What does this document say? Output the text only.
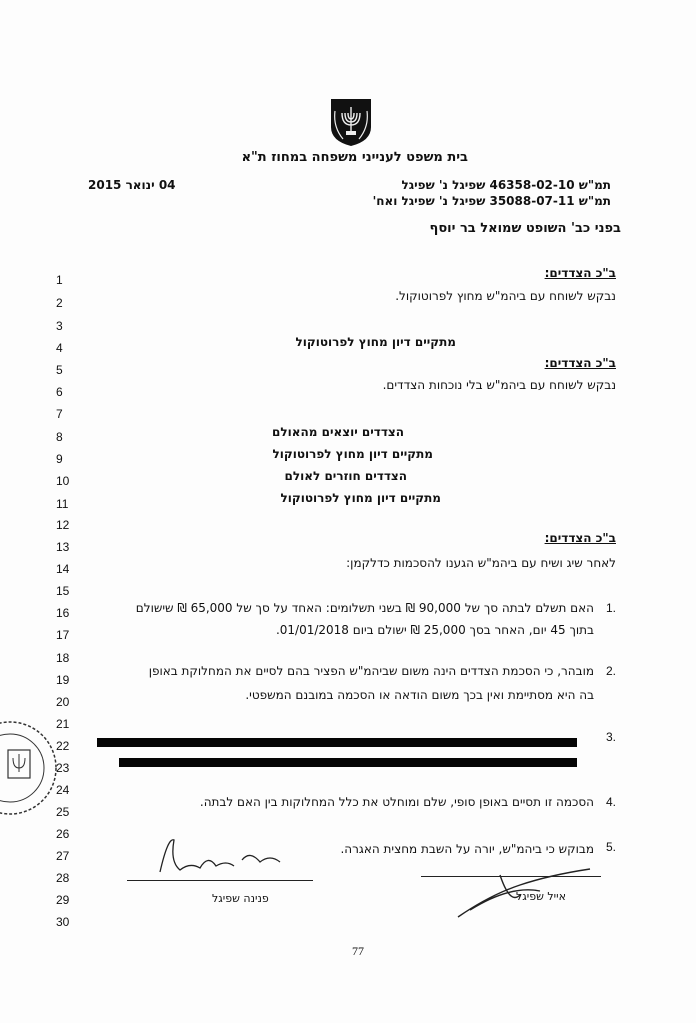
בית משפט לענייני משפחה במחוז ת"א
04 ינואר 2015	תמ"ש 46358-02-10 שפיגל נ' שפיגל
תמ"ש 35088-07-11 שפיגל נ' שפיגל ואח'
בפני כב' השופט שמואל בר יוסף
1
2
3
4
5
6
7
8
9
10
11
12
13
14
15
16
17
18
19
20
21
22
23
24
25
26
27
28
29
30
ב"כ הצדדים:
נבקש לשוחח עם ביהמ"ש מחוץ לפרוטוקול.
מתקיים דיון מחוץ לפרוטוקול
ב"כ הצדדים:
נבקש לשוחח עם ביהמ"ש בלי נוכחות הצדדים.
הצדדים יוצאים מהאולם
מתקיים דיון מחוץ לפרוטוקול
הצדדים חוזרים לאולם
מתקיים דיון מחוץ לפרוטוקול
ב"כ הצדדים:
לאחר שיג ושיח עם ביהמ"ש הגענו להסכמות כדלקמן:
1.
האם תשלם לבתה סך של 90,000 ₪ בשני תשלומים: האחד על סך של 65,000 ₪ שישולם
בתוך 45 יום, האחר בסך 25,000 ₪ ישולם ביום 01/01/2018.
2.
מובהר, כי הסכמת הצדדים הינה משום שביהמ"ש הפציר בהם לסיים את המחלוקת באופן
בה היא מסתיימת ואין בכך משום הודאה או הסכמה במובנם המשפטי.
3.
4.
הסכמה זו תסיים באופן סופי, שלם ומוחלט את כלל המחלוקות בין האם לבתה.
5.
מבוקש כי ביהמ"ש, יורה על השבת מחצית האגרה.
פנינה שפיגל	אייל שפיגל
77
